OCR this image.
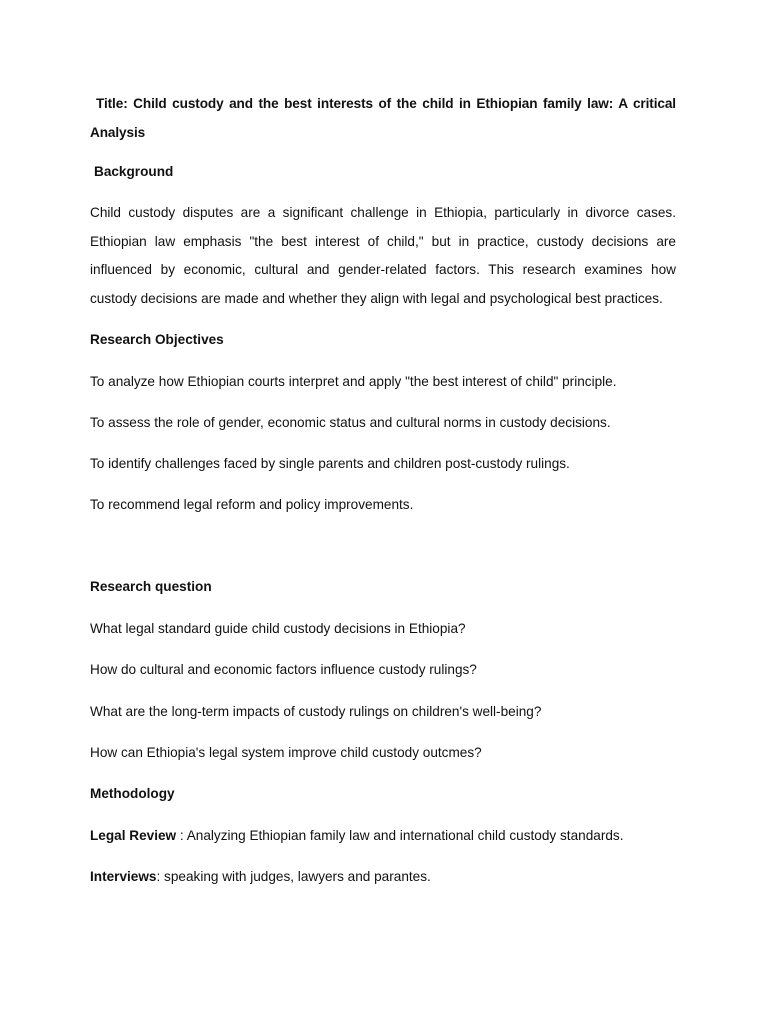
Title: Child custody and the best interests of the child in Ethiopian family law: A critical Analysis

Background

Child custody disputes are a significant challenge in Ethiopia, particularly in divorce cases. Ethiopian law emphasis "the best interest of child," but in practice, custody decisions are influenced by economic, cultural and gender-related factors. This research examines how custody decisions are made and whether they align with legal and psychological best practices.

Research Objectives

To analyze how Ethiopian courts interpret and apply "the best interest of child" principle.

To assess the role of gender, economic status and cultural norms in custody decisions.

To identify challenges faced by single parents and children post-custody rulings.

To recommend legal reform and policy improvements.

Research question

What legal standard guide child custody decisions in Ethiopia?

How do cultural and economic factors influence custody rulings?

What are the long-term impacts of custody rulings on children's well-being?

How can Ethiopia's legal system improve child custody outcmes?

Methodology

Legal Review : Analyzing Ethiopian family law and international child custody standards.

Interviews: speaking with judges, lawyers and parantes.
